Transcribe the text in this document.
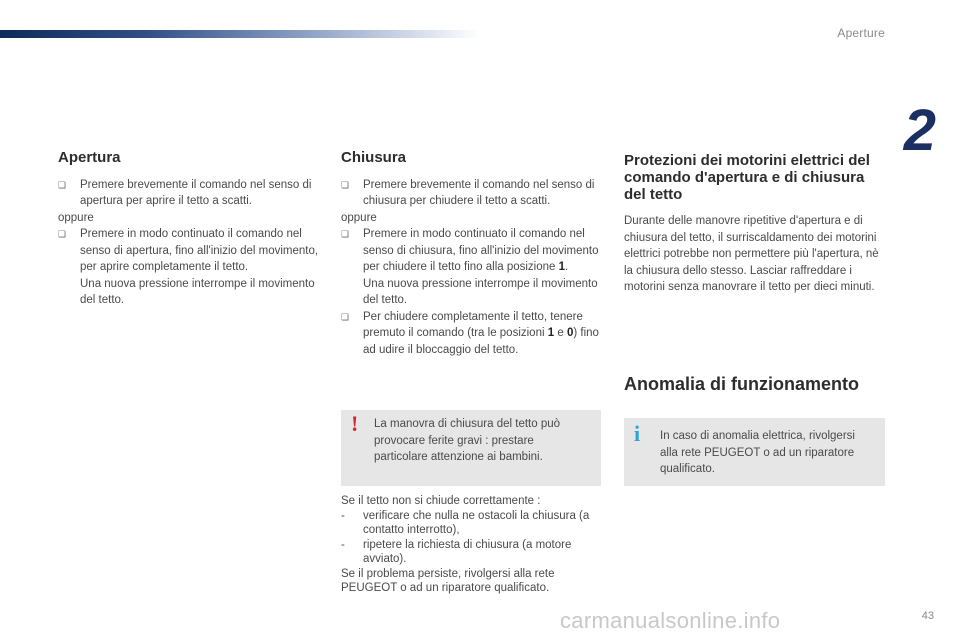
Aperture
2
Apertura

❏ Premere brevemente il comando nel senso di apertura per aprire il tetto a scatti.

oppure

❏ Premere in modo continuato il comando nel senso di apertura, fino all'inizio del movimento, per aprire completamente il tetto.

Una nuova pressione interrompe il movimento del tetto.

Chiusura

❏ Premere brevemente il comando nel senso di chiusura per chiudere il tetto a scatti.

oppure

❏ Premere in modo continuato il comando nel senso di chiusura, fino all'inizio del movimento per chiudere il tetto fino alla posizione 1.

Una nuova pressione interrompe il movimento del tetto.

❏ Per chiudere completamente il tetto, tenere premuto il comando (tra le posizioni 1 e 0) fino ad udire il bloccaggio del tetto.

! La manovra di chiusura del tetto può provocare ferite gravi : prestare particolare attenzione ai bambini.

Se il tetto non si chiude correttamente :

- verificare che nulla ne ostacoli la chiusura (a contatto interrotto),

- ripetere la richiesta di chiusura (a motore avviato).

Se il problema persiste, rivolgersi alla rete PEUGEOT o ad un riparatore qualificato.

Protezioni dei motorini elettrici del comando d'apertura e di chiusura del tetto

Durante delle manovre ripetitive d'apertura e di chiusura del tetto, il surriscaldamento dei motorini elettrici potrebbe non permettere più l'apertura, nè la chiusura dello stesso. Lasciar raffreddare i motorini senza manovrare il tetto per dieci minuti.

Anomalia di funzionamento
i In caso di anomalia elettrica, rivolgersi alla rete PEUGEOT o ad un riparatore qualificato.
carmanualsonline.info	43
